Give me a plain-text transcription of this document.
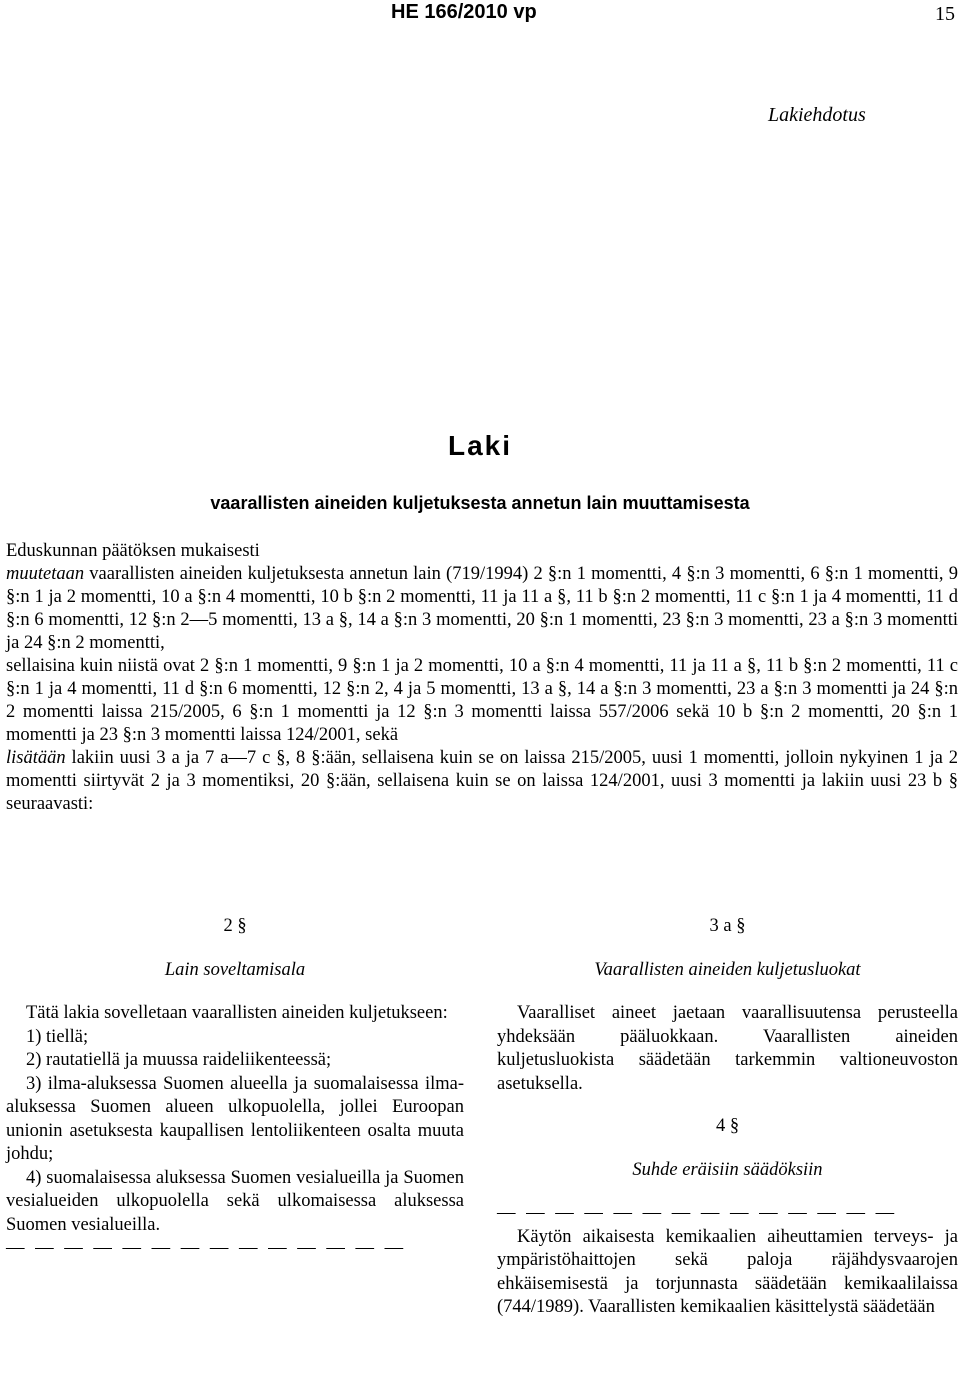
HE 166/2010 vp	15
Lakiehdotus
Laki
vaarallisten aineiden kuljetuksesta annetun lain muuttamisesta

Eduskunnan päätöksen mukaisesti

muutetaan vaarallisten aineiden kuljetuksesta annetun lain (719/1994) 2 §:n 1 momentti, 4 §:n 3 momentti, 6 §:n 1 momentti, 9 §:n 1 ja 2 momentti, 10 a §:n 4 momentti, 10 b §:n 2 momentti, 11 ja 11 a §, 11 b §:n 2 momentti, 11 c §:n 1 ja 4 momentti, 11 d §:n 6 momentti, 12 §:n 2—5 momentti, 13 a §, 14 a §:n 3 momentti, 20 §:n 1 momentti, 23 §:n 3 momentti, 23 a §:n 3 momentti ja 24 §:n 2 momentti,

sellaisina kuin niistä ovat 2 §:n 1 momentti, 9 §:n 1 ja 2 momentti, 10 a §:n 4 momentti, 11 ja 11 a §, 11 b §:n 2 momentti, 11 c §:n 1 ja 4 momentti, 11 d §:n 6 momentti, 12 §:n 2, 4 ja 5 momentti, 13 a §, 14 a §:n 3 momentti, 23 a §:n 3 momentti ja 24 §:n 2 momentti laissa 215/2005, 6 §:n 1 momentti ja 12 §:n 3 momentti laissa 557/2006 sekä 10 b §:n 2 momentti, 20 §:n 1 momentti ja 23 §:n 3 momentti laissa 124/2001, sekä

lisätään lakiin uusi 3 a ja 7 a—7 c §, 8 §:ään, sellaisena kuin se on laissa 215/2005, uusi 1 momentti, jolloin nykyinen 1 ja 2 momentti siirtyvät 2 ja 3 momentiksi, 20 §:ään, sellaisena kuin se on laissa 124/2001, uusi 3 momentti ja lakiin uusi 23 b § seuraavasti:

2 §

Lain soveltamisala

Tätä lakia sovelletaan vaarallisten aineiden kuljetukseen:

1) tiellä;

2) rautatiellä ja muussa raideliikenteessä;

3) ilma-aluksessa Suomen alueella ja suomalaisessa ilma-aluksessa Suomen alueen ulkopuolella, jollei Euroopan unionin asetuksesta kaupallisen lentoliikenteen osalta muuta johdu;

4) suomalaisessa aluksessa Suomen vesialueilla ja Suomen vesialueiden ulkopuolella sekä ulkomaisessa aluksessa Suomen vesialueilla.

— — — — — — — — — — — — — —

3 a §

Vaarallisten aineiden kuljetusluokat

Vaaralliset aineet jaetaan vaarallisuutensa perusteella yhdeksään pääluokkaan. Vaarallisten aineiden kuljetusluokista säädetään tarkemmin valtioneuvoston asetuksella.

4 §

Suhde eräisiin säädöksiin

— — — — — — — — — — — — — —

Käytön aikaisesta kemikaalien aiheuttamien terveys- ja ympäristöhaittojen sekä paloja räjähdysvaarojen ehkäisemisestä ja torjunnasta säädetään kemikaalilaissa (744/1989). Vaarallisten kemikaalien käsittelystä säädetään
